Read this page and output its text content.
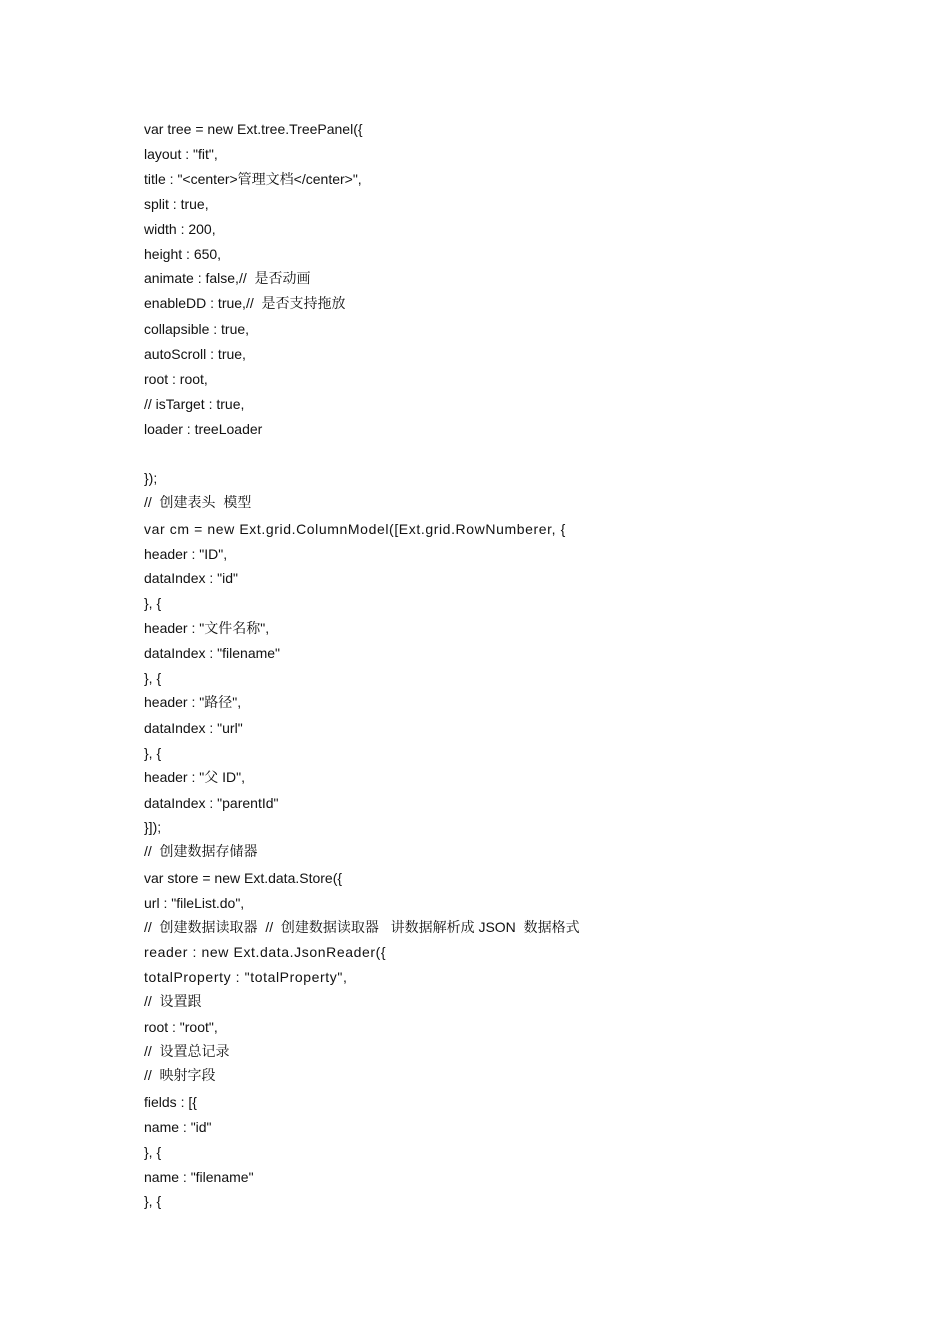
var tree = new Ext.tree.TreePanel({
layout : "fit",
title : "<center>管理文档</center>",
split : true,
width : 200,
height : 650,
animate : false,//  是否动画
enableDD : true,//  是否支持拖放
collapsible : true,
autoScroll : true,
root : root,
// isTarget : true,
loader : treeLoader
});
//  创建表头  模型
var cm = new Ext.grid.ColumnModel([Ext.grid.RowNumberer, {
header : "ID",
dataIndex : "id"
}, {
header : "文件名称",
dataIndex : "filename"
}, {
header : "路径",
dataIndex : "url"
}, {
header : "父 ID",
dataIndex : "parentId"
}]);
//  创建数据存储器
var store = new Ext.data.Store({
url : "fileList.do",
//  创建数据读取器  //  创建数据读取器   讲数据解析成 JSON  数据格式
reader : new Ext.data.JsonReader({
totalProperty : "totalProperty",
//  设置跟
root : "root",
//  设置总记录
//  映射字段
fields : [{
name : "id"
}, {
name : "filename"
}, {
